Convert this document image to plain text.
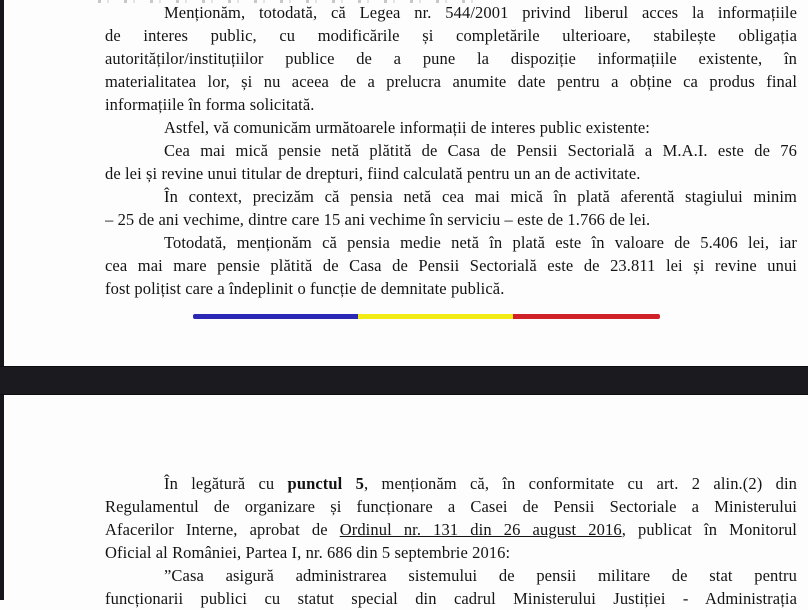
Menționăm, totodată, că Legea nr. 544/2001 privind liberul acces la informațiile
de interes public, cu modificările și completările ulterioare, stabilește obligația
autorităților/instituțiilor publice de a pune la dispoziție informațiile existente, în
materialitatea lor, și nu aceea de a prelucra anumite date pentru a obține ca produs final
informațiile în forma solicitată.
Astfel, vă comunicăm următoarele informații de interes public existente:
Cea mai mică pensie netă plătită de Casa de Pensii Sectorială a M.A.I. este de 76
de lei și revine unui titular de drepturi, fiind calculată pentru un an de activitate.
În context, precizăm că pensia netă cea mai mică în plată aferentă stagiului minim
– 25 de ani vechime, dintre care 15 ani vechime în serviciu – este de 1.766 de lei.
Totodată, menționăm că pensia medie netă în plată este în valoare de 5.406 lei, iar
cea mai mare pensie plătită de Casa de Pensii Sectorială este de 23.811 lei și revine unui
fost polițist care a îndeplinit o funcție de demnitate publică.
În legătură cu punctul 5, menționăm că, în conformitate cu art. 2 alin.(2) din
Regulamentul de organizare și funcționare a Casei de Pensii Sectoriale a Ministerului
Afacerilor Interne, aprobat de Ordinul nr. 131 din 26 august 2016, publicat în Monitorul
Oficial al României, Partea I, nr. 686 din 5 septembrie 2016:
”Casa asigură administrarea sistemului de pensii militare de stat pentru
funcționarii publici cu statut special din cadrul Ministerului Justiției - Administrația
